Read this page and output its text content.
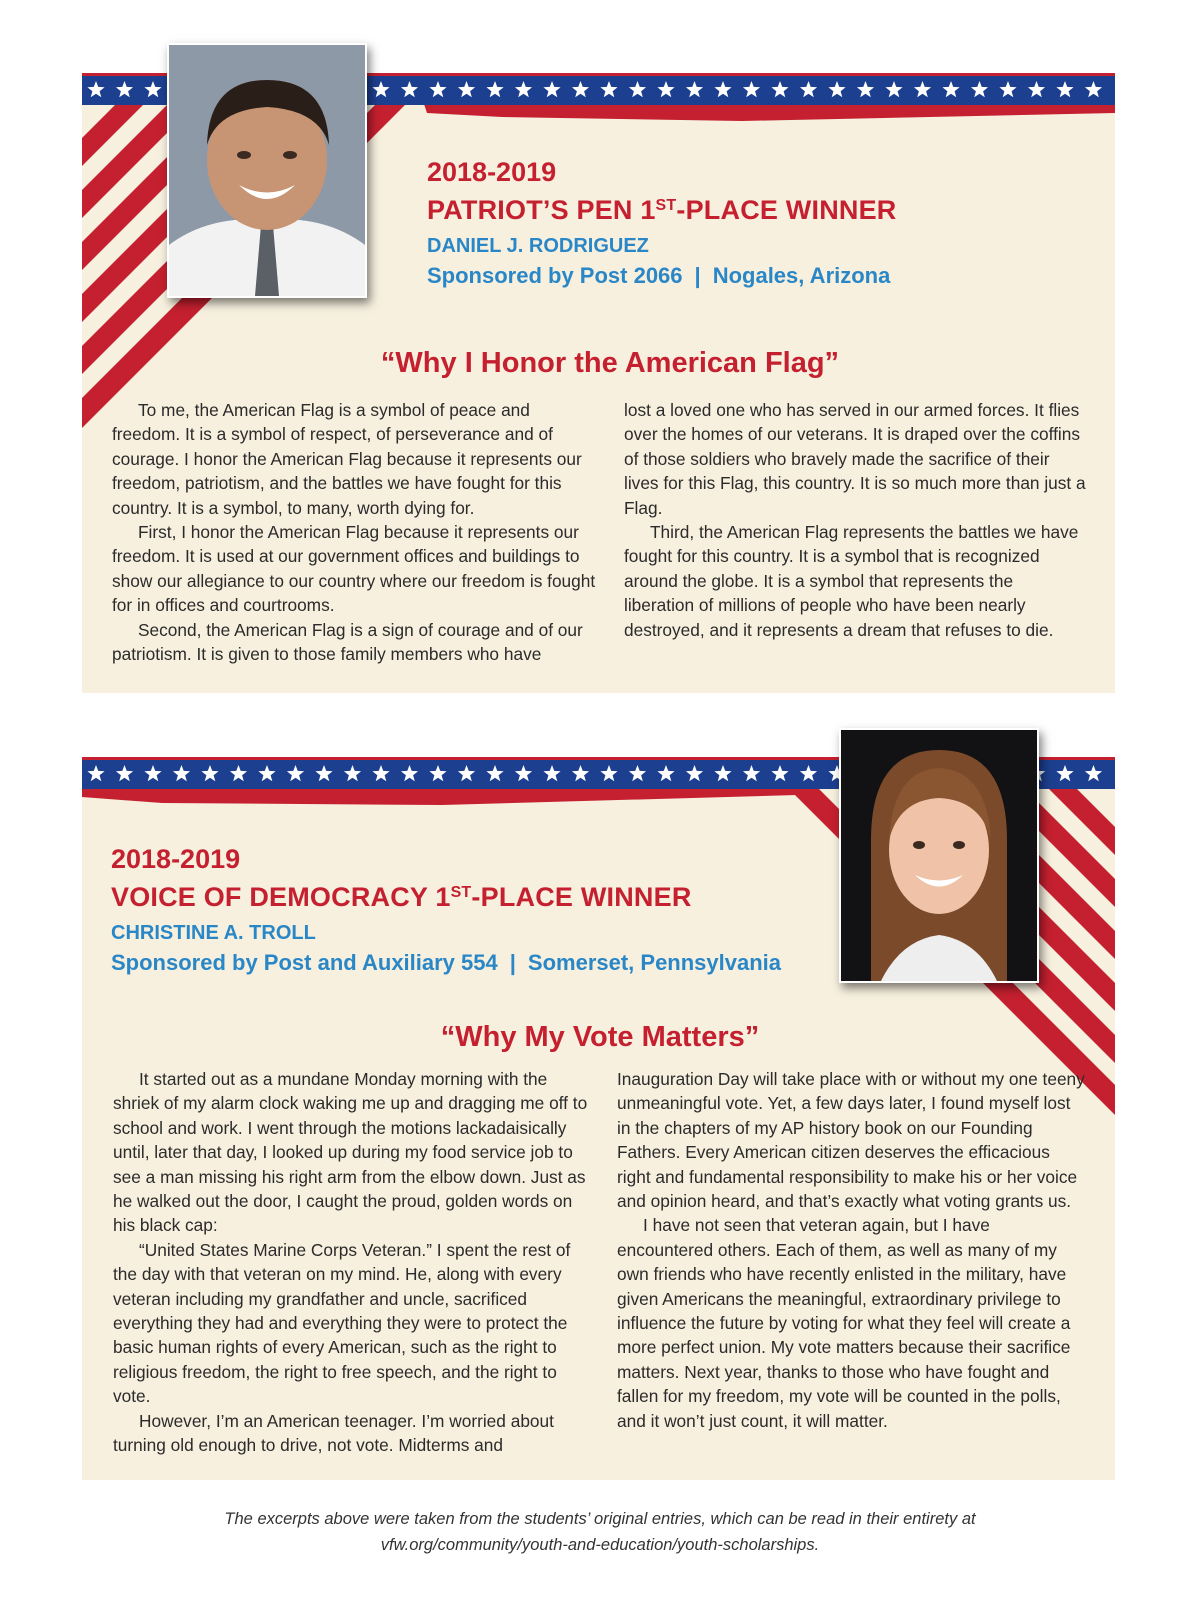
2018-2019
PATRIOT’S PEN 1ST-PLACE WINNER
DANIEL J. RODRIGUEZ
Sponsored by Post 2066 | Nogales, Arizona
“Why I Honor the American Flag”

To me, the American Flag is a symbol of peace and freedom. It is a symbol of respect, of perseverance and of courage. I honor the American Flag because it represents our freedom, patriotism, and the battles we have fought for this country. It is a symbol, to many, worth dying for.

First, I honor the American Flag because it represents our freedom. It is used at our government offices and buildings to show our allegiance to our country where our freedom is fought for in offices and courtrooms.

Second, the American Flag is a sign of courage and of our patriotism. It is given to those family members who have

lost a loved one who has served in our armed forces. It flies over the homes of our veterans. It is draped over the coffins of those soldiers who bravely made the sacrifice of their lives for this Flag, this country. It is so much more than just a Flag.

Third, the American Flag represents the battles we have fought for this country. It is a symbol that is recognized around the globe. It is a symbol that represents the liberation of millions of people who have been nearly destroyed, and it represents a dream that refuses to die.

2018-2019
VOICE OF DEMOCRACY 1ST-PLACE WINNER
CHRISTINE A. TROLL
Sponsored by Post and Auxiliary 554 | Somerset, Pennsylvania
“Why My Vote Matters”

It started out as a mundane Monday morning with the shriek of my alarm clock waking me up and dragging me off to school and work. I went through the motions lackadaisically until, later that day, I looked up during my food service job to see a man missing his right arm from the elbow down. Just as he walked out the door, I caught the proud, golden words on his black cap:

“United States Marine Corps Veteran.” I spent the rest of the day with that veteran on my mind. He, along with every veteran including my grandfather and uncle, sacrificed everything they had and everything they were to protect the basic human rights of every American, such as the right to religious freedom, the right to free speech, and the right to vote.

However, I’m an American teenager. I’m worried about turning old enough to drive, not vote. Midterms and

Inauguration Day will take place with or without my one teeny unmeaningful vote. Yet, a few days later, I found myself lost in the chapters of my AP history book on our Founding Fathers. Every American citizen deserves the efficacious right and fundamental responsibility to make his or her voice and opinion heard, and that’s exactly what voting grants us.

I have not seen that veteran again, but I have encountered others. Each of them, as well as many of my own friends who have recently enlisted in the military, have given Americans the meaningful, extraordinary privilege to influence the future by voting for what they feel will create a more perfect union. My vote matters because their sacrifice matters. Next year, thanks to those who have fought and fallen for my freedom, my vote will be counted in the polls, and it won’t just count, it will matter.

The excerpts above were taken from the students’ original entries, which can be read in their entirety at
vfw.org/community/youth-and-education/youth-scholarships.
